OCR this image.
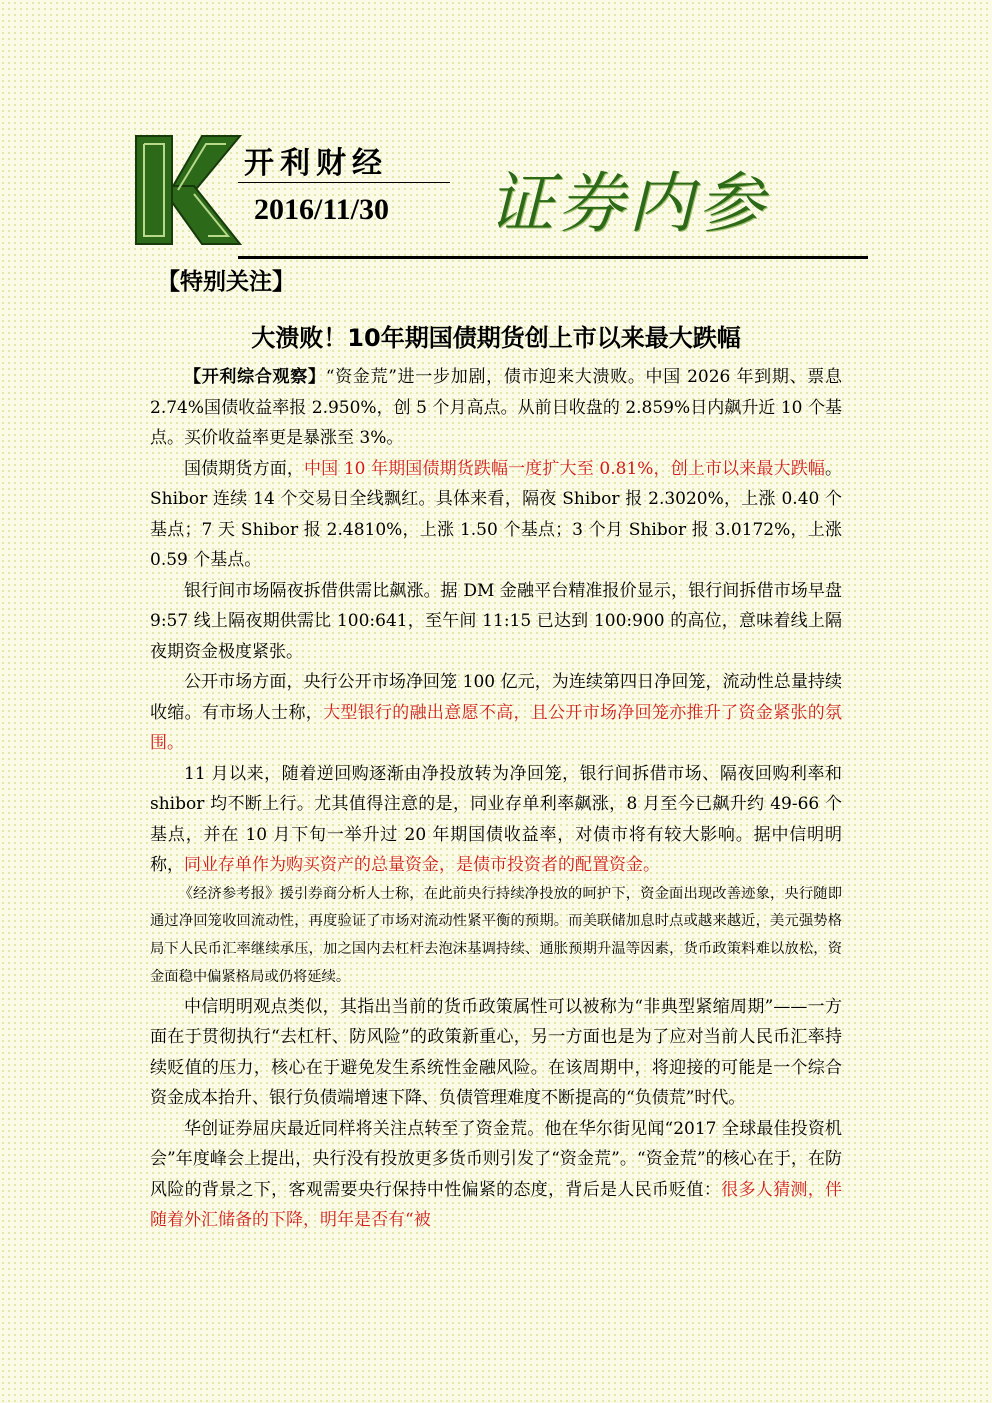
开利财经
2016/11/30 证券内参
【特别关注】
大溃败！10年期国债期货创上市以来最大跌幅

【开利综合观察】“资金荒”进一步加剧，债市迎来大溃败。中国 2026 年到期、票息 2.74%国债收益率报 2.950%，创 5 个月高点。从前日收盘的 2.859%日内飙升近 10 个基点。买价收益率更是暴涨至 3%。

国债期货方面，中国 10 年期国债期货跌幅一度扩大至 0.81%，创上市以来最大跌幅。Shibor 连续 14 个交易日全线飘红。具体来看，隔夜 Shibor 报 2.3020%，上涨 0.40 个基点；7 天 Shibor 报 2.4810%，上涨 1.50 个基点；3 个月 Shibor 报 3.0172%，上涨 0.59 个基点。

银行间市场隔夜拆借供需比飙涨。据 DM 金融平台精准报价显示，银行间拆借市场早盘 9:57 线上隔夜期供需比 100:641，至午间 11:15 已达到 100:900 的高位，意味着线上隔夜期资金极度紧张。

公开市场方面，央行公开市场净回笼 100 亿元，为连续第四日净回笼，流动性总量持续收缩。有市场人士称，大型银行的融出意愿不高，且公开市场净回笼亦推升了资金紧张的氛围。

11 月以来，随着逆回购逐渐由净投放转为净回笼，银行间拆借市场、隔夜回购利率和 shibor 均不断上行。尤其值得注意的是，同业存单利率飙涨，8 月至今已飙升约 49-66 个基点，并在 10 月下旬一举升过 20 年期国债收益率，对债市将有较大影响。据中信明明称，同业存单作为购买资产的总量资金，是债市投资者的配置资金。

《经济参考报》援引券商分析人士称，在此前央行持续净投放的呵护下，资金面出现改善迹象，央行随即通过净回笼收回流动性，再度验证了市场对流动性紧平衡的预期。而美联储加息时点或越来越近，美元强势格局下人民币汇率继续承压，加之国内去杠杆去泡沫基调持续、通胀预期升温等因素，货币政策料难以放松，资金面稳中偏紧格局或仍将延续。

中信明明观点类似，其指出当前的货币政策属性可以被称为“非典型紧缩周期”——一方面在于贯彻执行“去杠杆、防风险”的政策新重心，另一方面也是为了应对当前人民币汇率持续贬值的压力，核心在于避免发生系统性金融风险。在该周期中，将迎接的可能是一个综合资金成本抬升、银行负债端增速下降、负债管理难度不断提高的“负债荒”时代。

华创证券屈庆最近同样将关注点转至了资金荒。他在华尔街见闻“2017 全球最佳投资机会”年度峰会上提出，央行没有投放更多货币则引发了“资金荒”。“资金荒”的核心在于，在防风险的背景之下，客观需要央行保持中性偏紧的态度，背后是人民币贬值：很多人猜测，伴随着外汇储备的下降，明年是否有“被
